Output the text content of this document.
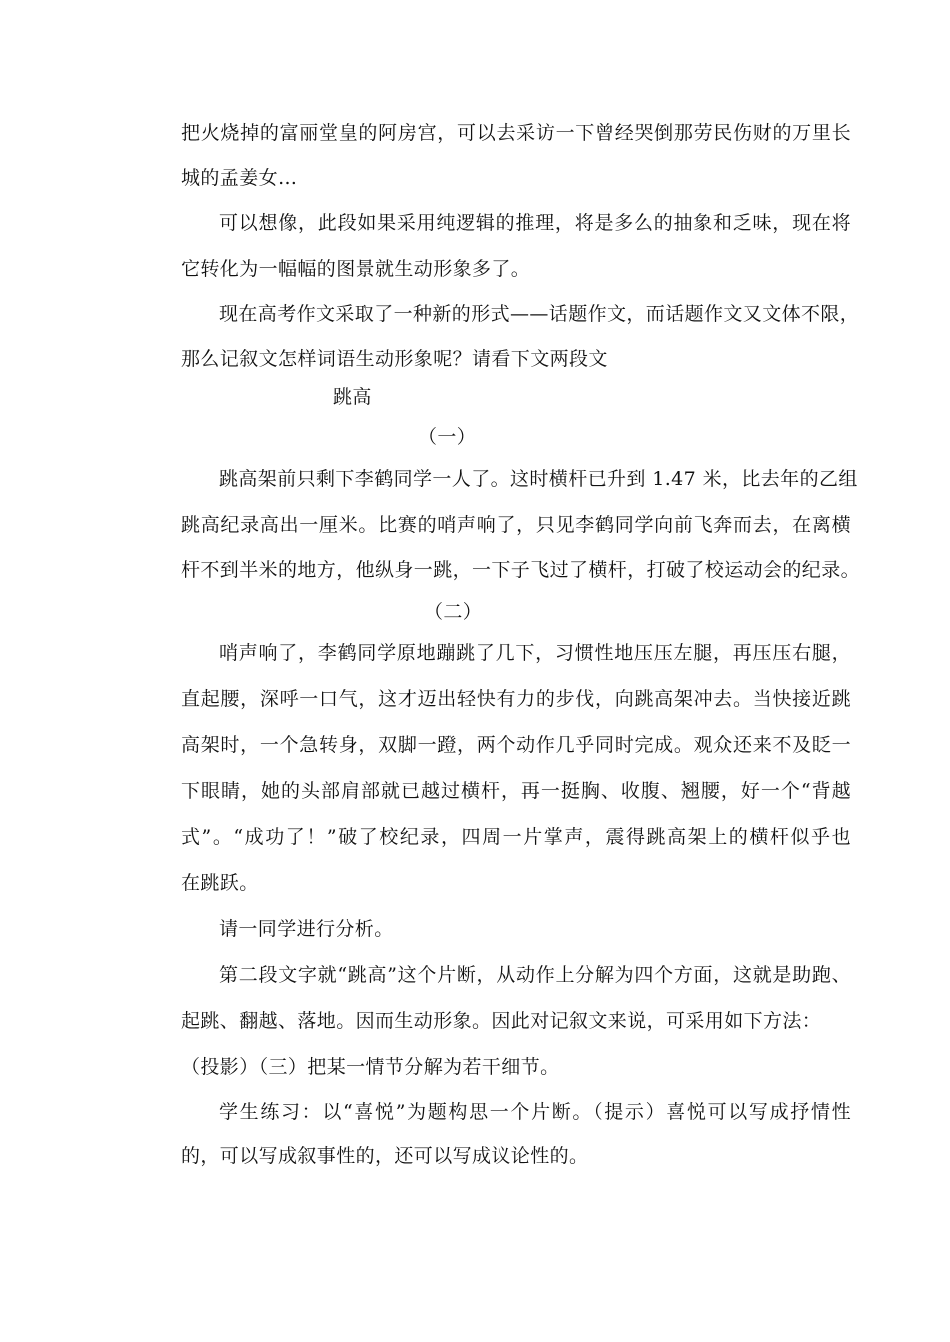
把火烧掉的富丽堂皇的阿房宫，可以去采访一下曾经哭倒那劳民伤财的万里长
城的孟姜女…
可以想像，此段如果采用纯逻辑的推理，将是多么的抽象和乏味，现在将
它转化为一幅幅的图景就生动形象多了。
现在高考作文采取了一种新的形式——话题作文，而话题作文又文体不限，
那么记叙文怎样词语生动形象呢？请看下文两段文
跳高
（一）
跳高架前只剩下李鹤同学一人了。这时横杆已升到 1.47 米，比去年的乙组
跳高纪录高出一厘米。比赛的哨声响了，只见李鹤同学向前飞奔而去，在离横
杆不到半米的地方，他纵身一跳，一下子飞过了横杆，打破了校运动会的纪录。
（二）
哨声响了，李鹤同学原地蹦跳了几下，习惯性地压压左腿，再压压右腿，
直起腰，深呼一口气，这才迈出轻快有力的步伐，向跳高架冲去。当快接近跳
高架时，一个急转身，双脚一蹬，两个动作几乎同时完成。观众还来不及眨一
下眼睛，她的头部肩部就已越过横杆，再一挺胸、收腹、翘腰，好一个“背越
式”。“成功了！”破了校纪录，四周一片掌声，震得跳高架上的横杆似乎也
在跳跃。
请一同学进行分析。
第二段文字就“跳高”这个片断，从动作上分解为四个方面，这就是助跑、
起跳、翻越、落地。因而生动形象。因此对记叙文来说，可采用如下方法：
（投影）（三）把某一情节分解为若干细节。
学生练习：以“喜悦”为题构思一个片断。（提示）喜悦可以写成抒情性
的，可以写成叙事性的，还可以写成议论性的。
